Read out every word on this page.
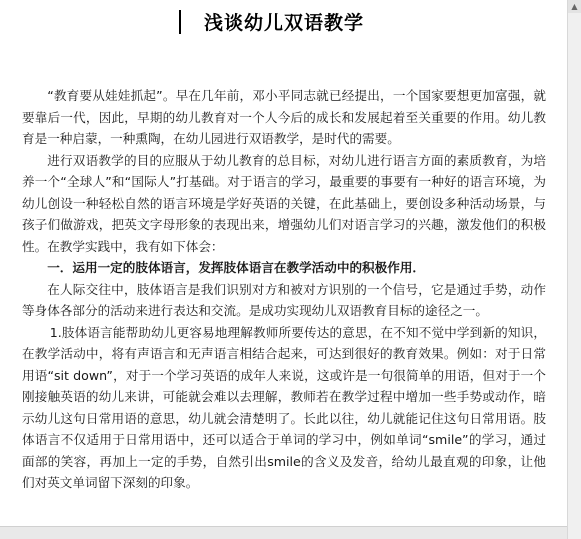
浅谈幼儿双语教学

“教育要从娃娃抓起”。早在几年前，邓小平同志就已经提出，一个国家要想更加富强，就要靠后一代，因此，早期的幼儿教育对一个人今后的成长和发展起着至关重要的作用。幼儿教育是一种启蒙，一种熏陶，在幼儿园进行双语教学，是时代的需要。

进行双语教学的目的应服从于幼儿教育的总目标，对幼儿进行语言方面的素质教育，为培养一个“全球人”和“国际人”打基础。对于语言的学习，最重要的事要有一种好的语言环境，为幼儿创设一种轻松自然的语言环境是学好英语的关键，在此基础上，要创设多种活动场景，与孩子们做游戏，把英文字母形象的表现出来，增强幼儿们对语言学习的兴趣，激发他们的积极性。在教学实践中，我有如下体会：

一．运用一定的肢体语言，发挥肢体语言在教学活动中的积极作用．

在人际交往中，肢体语言是我们识别对方和被对方识别的一个信号，它是通过手势，动作等身体各部分的活动来进行表达和交流。是成功实现幼儿双语教育目标的途径之一。

1.肢体语言能帮助幼儿更容易地理解教师所要传达的意思，在不知不觉中学到新的知识，在教学活动中，将有声语言和无声语言相结合起来，可达到很好的教育效果。例如：对于日常用语“sit down”，对于一个学习英语的成年人来说，这或许是一句很简单的用语，但对于一个刚接触英语的幼儿来讲，可能就会难以去理解，教师若在教学过程中增加一些手势或动作，暗示幼儿这句日常用语的意思，幼儿就会清楚明了。长此以往，幼儿就能记住这句日常用语。肢体语言不仅适用于日常用语中，还可以适合于单词的学习中，例如单词“smile”的学习，通过面部的笑容，再加上一定的手势，自然引出smile的含义及发音，给幼儿最直观的印象，让他们对英文单词留下深刻的印象。

▲
